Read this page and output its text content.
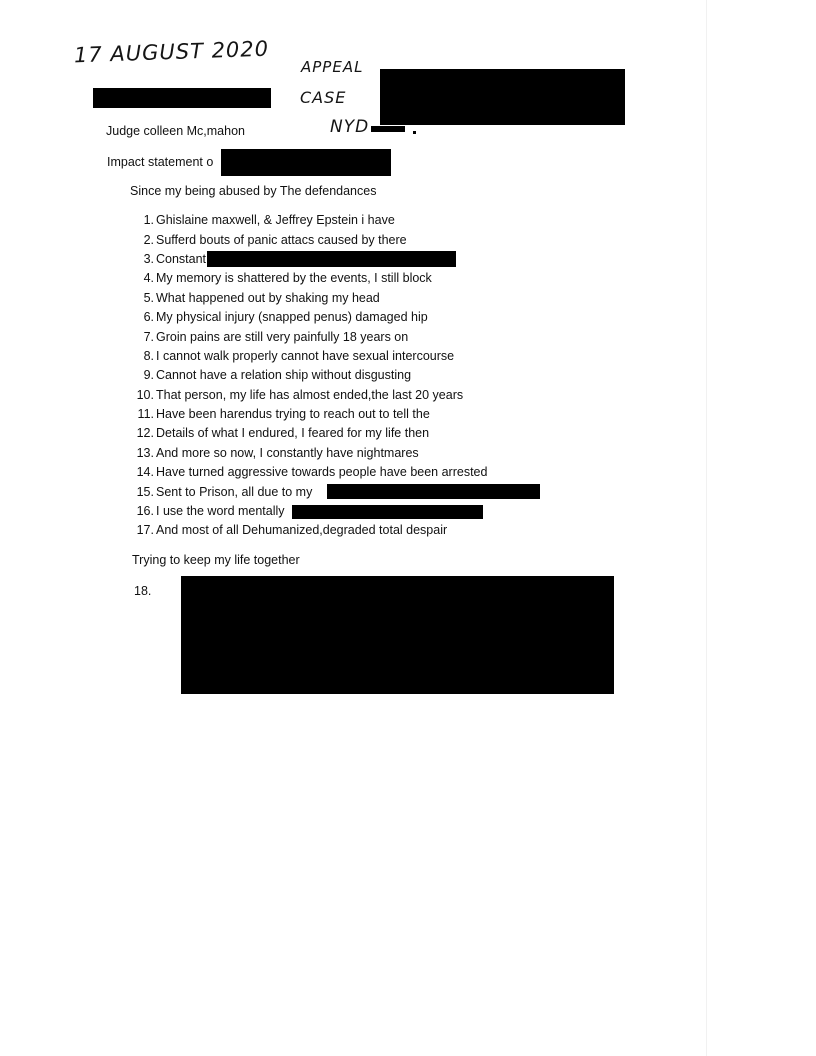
17 AUGUST 2020 APPEAL
CASE
NYD
Judge colleen Mc,mahon
Impact statement o
Since my being abused by The defendances
1. Ghislaine maxwell, & Jeffrey Epstein i have
2. Sufferd bouts of panic attacs caused by there
3. Constant
4. My memory is shattered by the events, I still block
5. What happened out by shaking my head
6. My physical injury (snapped penus) damaged hip
7. Groin pains are still very painfully 18 years on
8. I cannot walk properly cannot have sexual intercourse
9. Cannot have a relation ship without disgusting
10. That person, my life has almost ended,the last 20 years
11. Have been harendus trying to reach out to tell the
12. Details of what I endured, I feared for my life then
13. And more so now, I constantly have nightmares
14. Have turned aggressive towards people have been arrested
15. Sent to Prison, all due to my
16. I use the word mentally
17. And most of all Dehumanized,degraded total despair
Trying to keep my life together
18.
